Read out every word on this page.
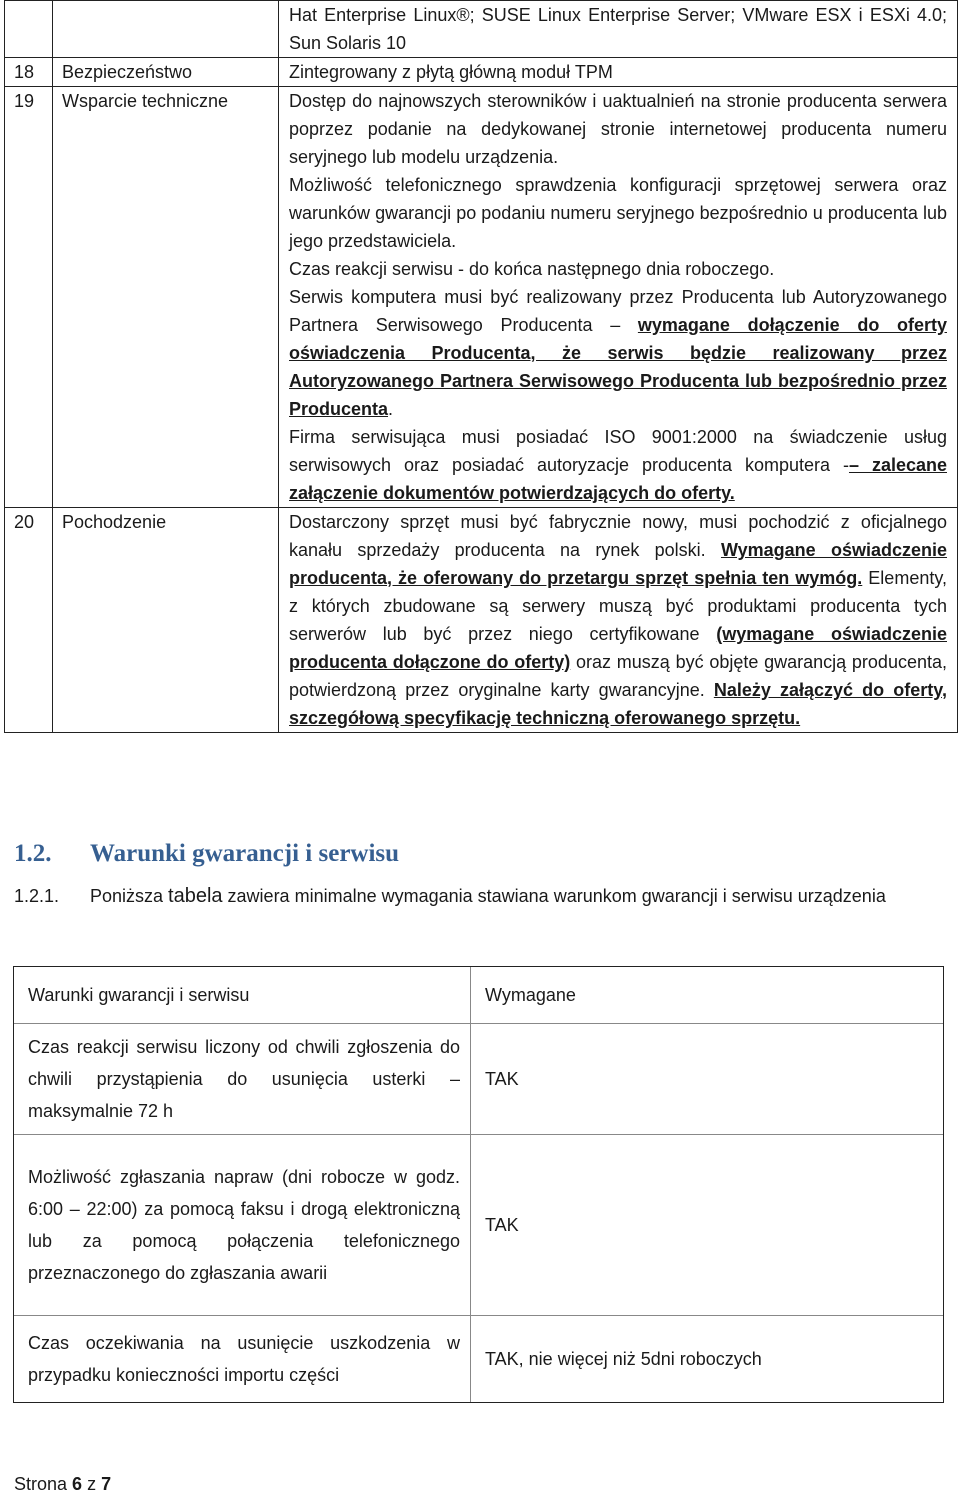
		Hat Enterprise Linux®; SUSE Linux Enterprise Server; VMware ESX i ESXi 4.0; Sun Solaris 10
18	Bezpieczeństwo	Zintegrowany z płytą główną moduł TPM
19	Wsparcie techniczne	Dostęp do najnowszych sterowników i uaktualnień na stronie producenta serwera poprzez podanie na dedykowanej stronie internetowej producenta numeru seryjnego lub modelu urządzenia.

Możliwość telefonicznego sprawdzenia konfiguracji sprzętowej serwera oraz warunków gwarancji po podaniu numeru seryjnego bezpośrednio u producenta lub jego przedstawiciela.

Czas reakcji serwisu - do końca następnego dnia roboczego.

Serwis komputera musi być realizowany przez Producenta lub Autoryzowanego Partnera Serwisowego Producenta – wymagane dołączenie do oferty oświadczenia Producenta, że serwis będzie realizowany przez Autoryzowanego Partnera Serwisowego Producenta lub bezpośrednio przez Producenta.

Firma serwisująca musi posiadać ISO 9001:2000 na świadczenie usług serwisowych oraz posiadać autoryzacje producenta komputera -– zalecane załączenie dokumentów potwierdzających do oferty.

20	Pochodzenie	Dostarczony sprzęt musi być fabrycznie nowy, musi pochodzić z oficjalnego kanału sprzedaży producenta na rynek polski. Wymagane oświadczenie producenta, że oferowany do przetargu sprzęt spełnia ten wymóg. Elementy, z których zbudowane są serwery muszą być produktami producenta tych serwerów lub być przez niego certyfikowane (wymagane oświadczenie producenta dołączone do oferty) oraz muszą być objęte gwarancją producenta, potwierdzoną przez oryginalne karty gwarancyjne. Należy załączyć do oferty, szczegółową specyfikację techniczną oferowanego sprzętu.

1.2. Warunki gwarancji i serwisu
1.2.1. Poniższa tabela zawiera minimalne wymagania stawiana warunkom gwarancji i serwisu urządzenia
Warunki gwarancji i serwisu	Wymagane
Czas reakcji serwisu liczony od chwili zgłoszenia do chwili przystąpienia do usunięcia usterki – maksymalnie 72 h	TAK
Możliwość zgłaszania napraw (dni robocze w godz. 6:00 – 22:00) za pomocą faksu i drogą elektroniczną lub za pomocą połączenia telefonicznego przeznaczonego do zgłaszania awarii	TAK
Czas oczekiwania na usunięcie uszkodzenia w przypadku konieczności importu części	TAK, nie więcej niż 5dni roboczych
Strona 6 z 7
